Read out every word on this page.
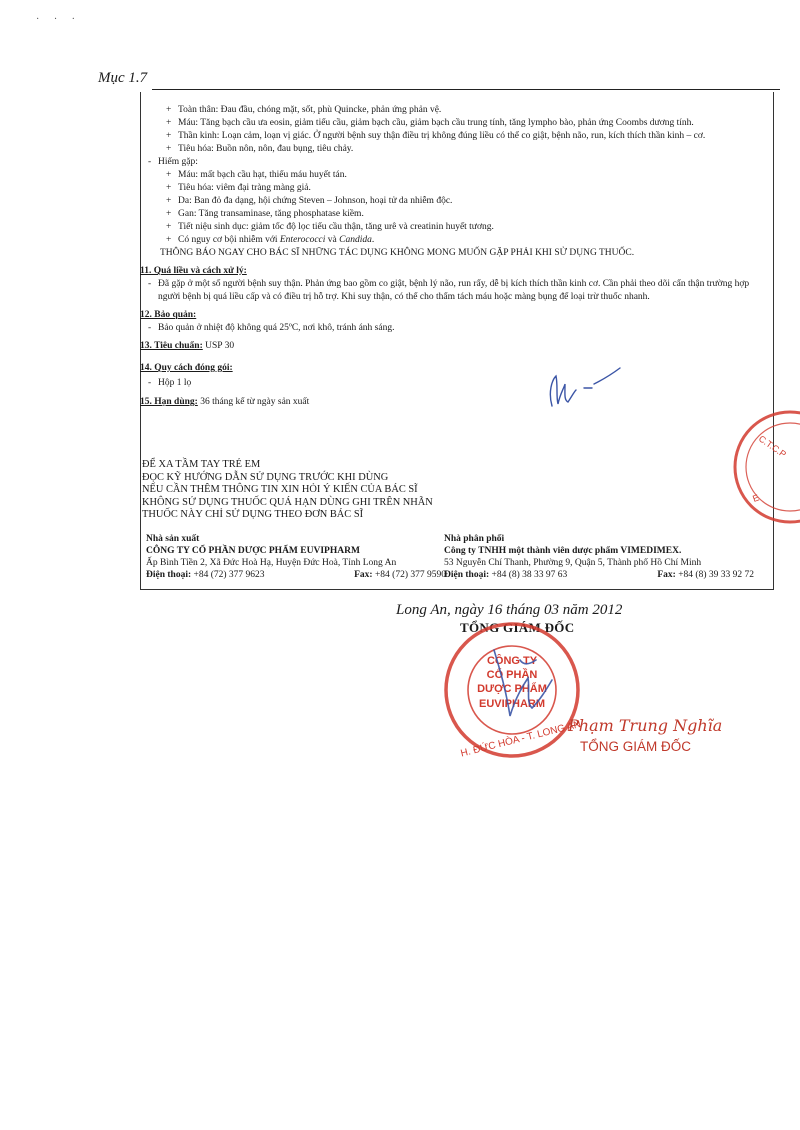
· · ·
Mục 1.7
+ Toàn thân: Đau đầu, chóng mặt, sốt, phù Quincke, phản ứng phản vệ.
+ Máu: Tăng bạch cầu ưa eosin, giảm tiểu cầu, giảm bạch cầu, giảm bạch cầu trung tính, tăng lympho bào, phản ứng Coombs dương tính.
+ Thần kinh: Loạn cảm, loạn vị giác. Ở người bệnh suy thận điều trị không đúng liều có thể co giật, bệnh não, run, kích thích thần kinh – cơ.
+ Tiêu hóa: Buồn nôn, nôn, đau bụng, tiêu chảy.
- Hiếm gặp:
+ Máu: mất bạch cầu hạt, thiếu máu huyết tán.
+ Tiêu hóa: viêm đại tràng màng giả.
+ Da: Ban đỏ đa dạng, hội chứng Steven – Johnson, hoại tử da nhiễm độc.
+ Gan: Tăng transaminase, tăng phosphatase kiềm.
+ Tiết niệu sinh dục: giảm tốc độ lọc tiểu cầu thận, tăng urê và creatinin huyết tương.
+ Có nguy cơ bội nhiễm với Enterococci và Candida.
THÔNG BÁO NGAY CHO BÁC SĨ NHỮNG TÁC DỤNG KHÔNG MONG MUỐN GẶP PHẢI KHI SỬ DỤNG THUỐC.
11. Quá liều và cách xử lý:
- Đã gặp ở một số người bệnh suy thận. Phản ứng bao gồm co giật, bệnh lý não, run rẩy, dễ bị kích thích thần kinh cơ. Cần phải theo dõi cẩn thận trường hợp người bệnh bị quá liều cấp và có điều trị hỗ trợ. Khi suy thận, có thể cho thẩm tách máu hoặc màng bụng để loại trừ thuốc nhanh.
12. Bảo quản:
- Bảo quản ở nhiệt độ không quá 25ºC, nơi khô, tránh ánh sáng.
13. Tiêu chuẩn: USP 30
14. Quy cách đóng gói:
- Hộp 1 lọ
15. Hạn dùng: 36 tháng kể từ ngày sản xuất
ĐỂ XA TẦM TAY TRẺ EM
ĐỌC KỸ HƯỚNG DẪN SỬ DỤNG TRƯỚC KHI DÙNG
NẾU CẦN THÊM THÔNG TIN XIN HỎI Ý KIẾN CỦA BÁC SĨ
KHÔNG SỬ DỤNG THUỐC QUÁ HẠN DÙNG GHI TRÊN NHÃN
THUỐC NÀY CHỈ SỬ DỤNG THEO ĐƠN BÁC SĨ
Nhà sản xuất
CÔNG TY CỔ PHẦN DƯỢC PHẨM EUVIPHARM
Ấp Bình Tiền 2, Xã Đức Hoà Hạ, Huyện Đức Hoà, Tỉnh Long An
Điện thoại: +84 (72) 377 9623	Fax: +84 (72) 377 9590
Nhà phân phối
Công ty TNHH một thành viên dược phẩm VIMEDIMEX.
53 Nguyễn Chí Thanh, Phường 9, Quận 5, Thành phố Hồ Chí Minh
Điện thoại: +84 (8) 38 33 97 63	Fax: +84 (8) 39 33 92 72
C.T.C.P
E
Long An, ngày 16 tháng 03 năm 2012
TỔNG GIÁM ĐỐC
CÔNG TY
CỔ PHẦN
DƯỢC PHẨM
EUVIPHARM
H. ĐỨC HÒA - T. LONG AN
Phạm Trung Nghĩa
TỔNG GIÁM ĐỐC
